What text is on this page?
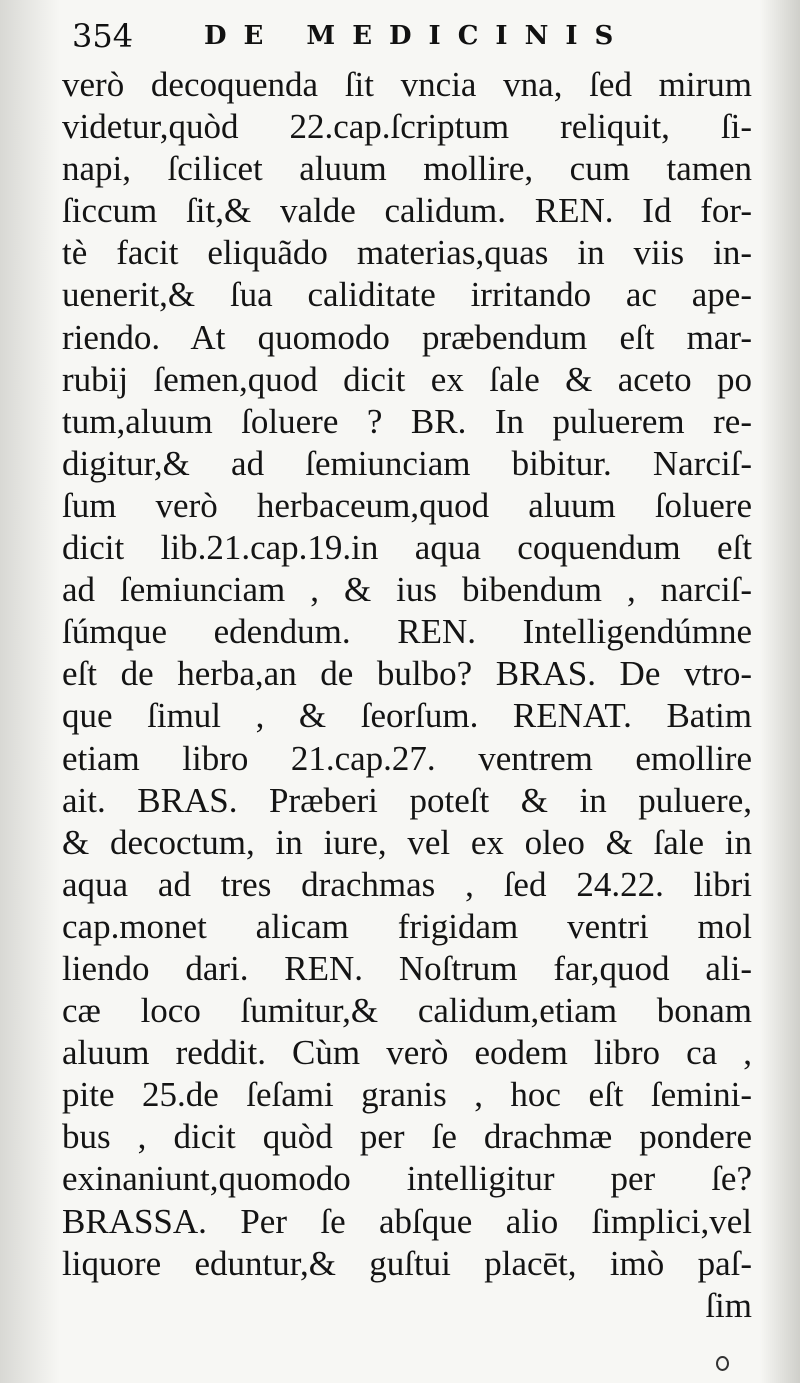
354	DE MEDICINIS
verò decoquenda ſit vncia vna, ſed mirum
videtur,quòd 22.cap.ſcriptum reliquit, ſi-
napi, ſcilicet aluum mollire, cum tamen
ſiccum ſit,& valde calidum. REN. Id for-
tè facit eliquãdo materias,quas in viis in-
uenerit,& ſua caliditate irritando ac ape-
riendo. At quomodo præbendum eſt mar-
rubij ſemen,quod dicit ex ſale & aceto po
tum,aluum ſoluere ? BR. In puluerem re-
digitur,& ad ſemiunciam bibitur. Narciſ-
ſum verò herbaceum,quod aluum ſoluere
dicit lib.21.cap.19.in aqua coquendum eſt
ad ſemiunciam , & ius bibendum , narciſ-
ſúmque edendum. REN. Intelligendúmne
eſt de herba,an de bulbo? BRAS. De vtro-
que ſimul , & ſeorſum. RENAT. Batim
etiam libro 21.cap.27. ventrem emollire
ait. BRAS. Præberi poteſt & in puluere,
& decoctum, in iure, vel ex oleo & ſale in
aqua ad tres drachmas , ſed 24.22. libri
cap.monet alicam frigidam ventri mol
liendo dari. REN. Noſtrum far,quod ali-
cæ loco ſumitur,& calidum,etiam bonam
aluum reddit. Cùm verò eodem libro ca ,
pite 25.de ſeſami granis , hoc eſt ſemini-
bus , dicit quòd per ſe drachmæ pondere
exinaniunt,quomodo intelligitur per ſe?
BRASSA. Per ſe abſque alio ſimplici,vel
liquore eduntur,& guſtui placēt, imò paſ-
ſim
